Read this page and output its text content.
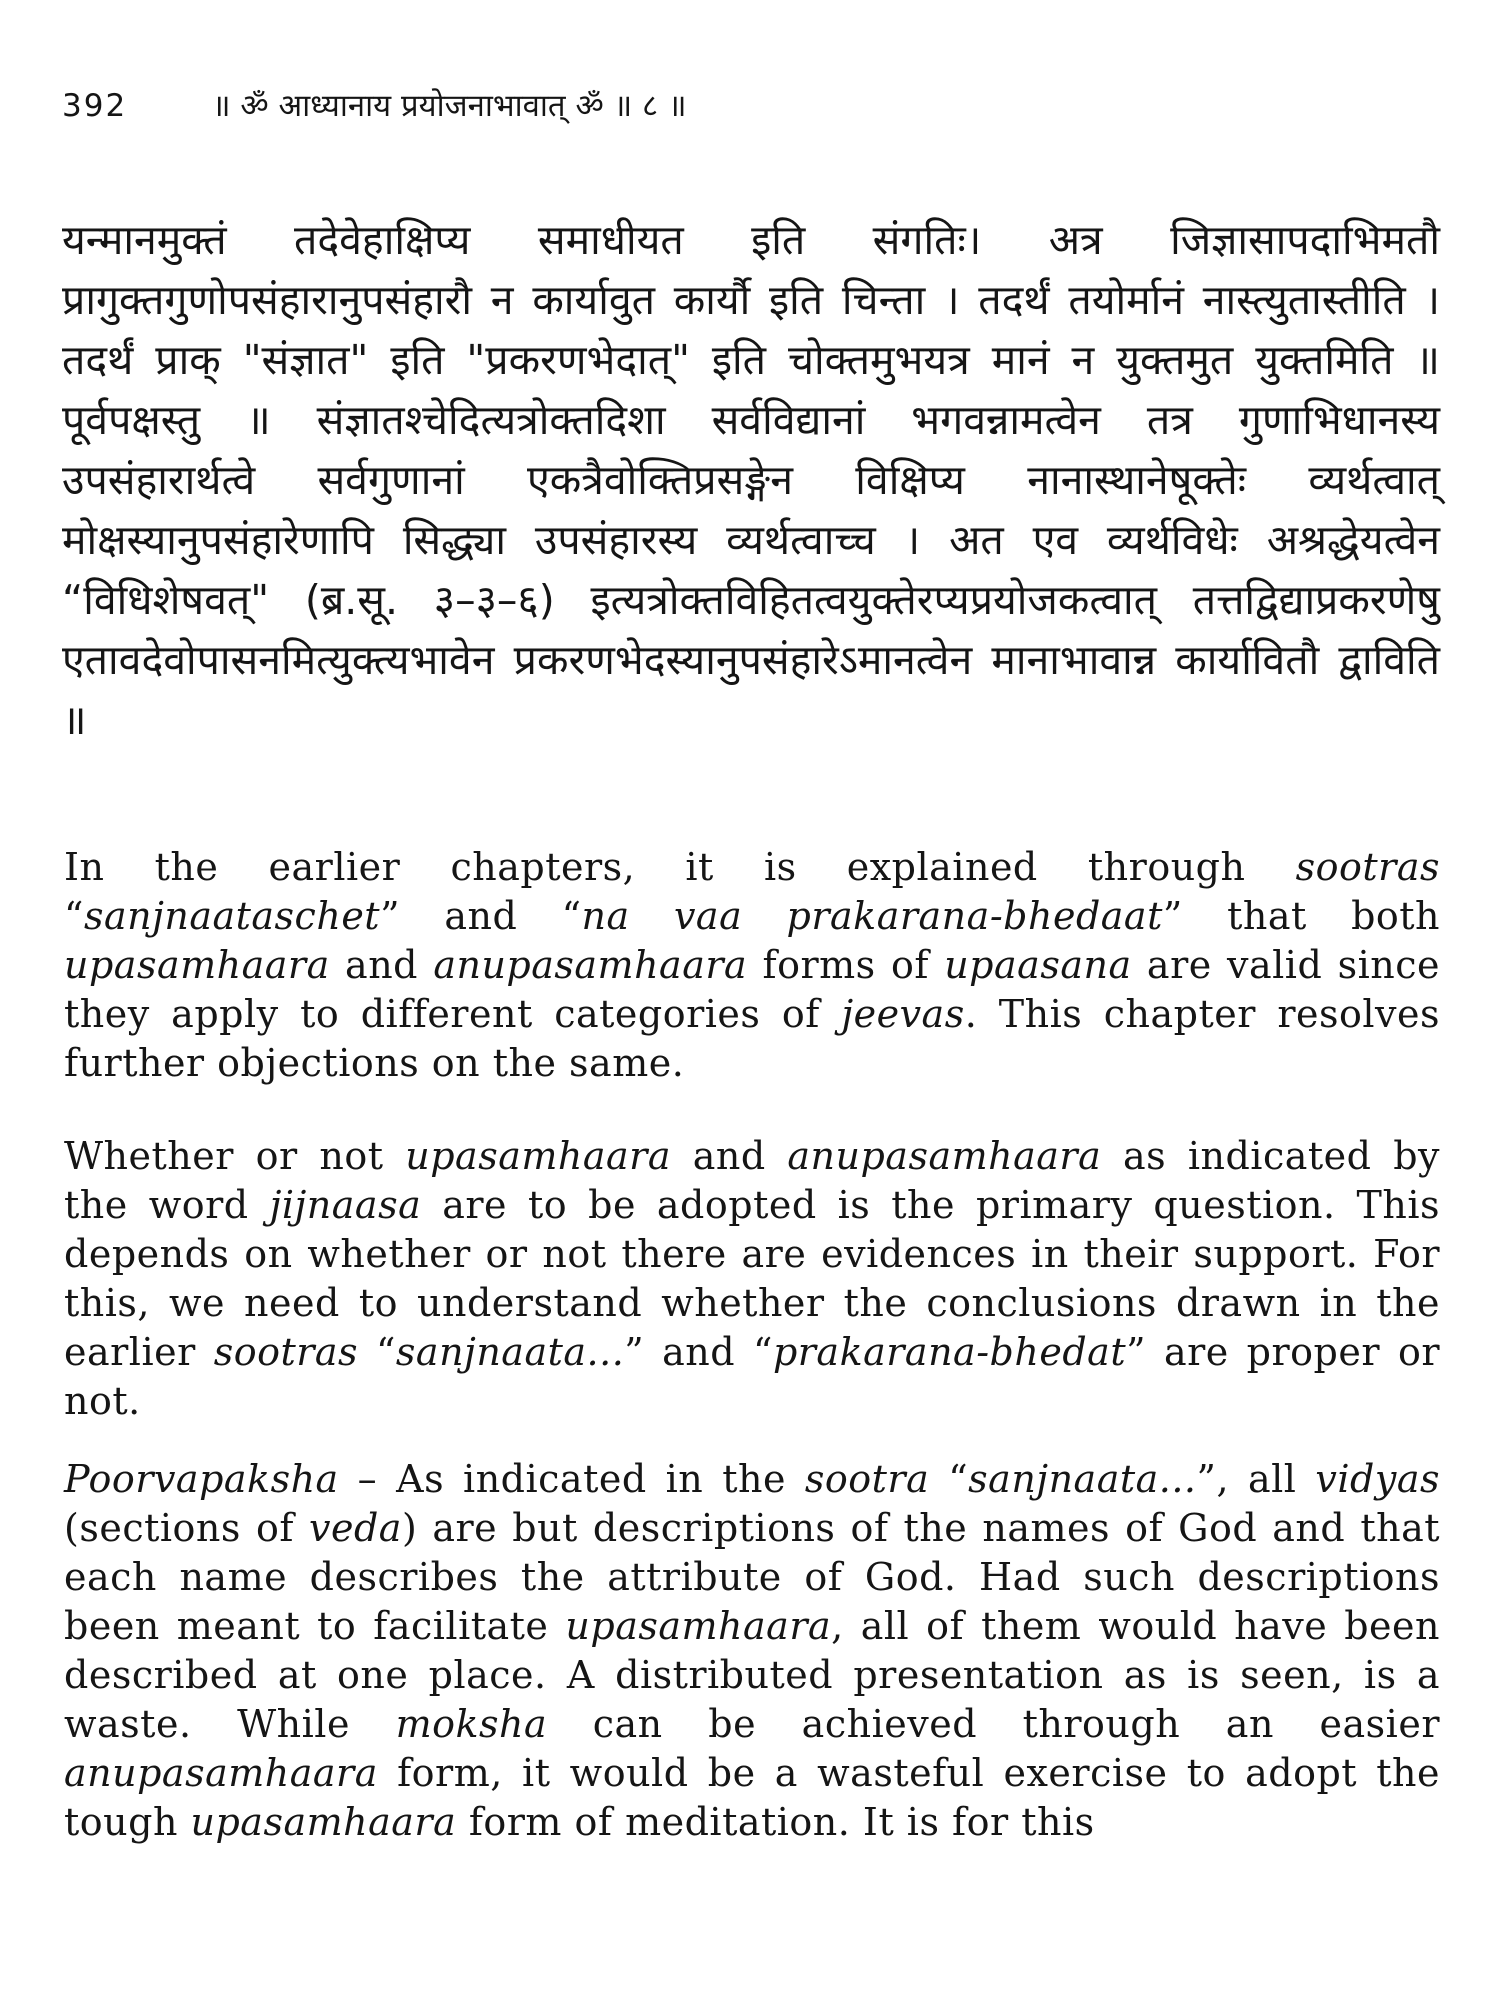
392	॥ ॐ आध्यानाय प्रयोजनाभावात् ॐ ॥ ८ ॥

यन्मानमुक्तं तदेवेहाक्षिप्य समाधीयत इति संगतिः। अत्र जिज्ञासापदाभिमतौ प्रागुक्तगुणोपसंहारानुपसंहारौ न कार्यावुत कार्यौ इति चिन्ता । तदर्थं तयोर्मानं नास्त्युतास्तीति । तदर्थं प्राक् "संज्ञात" इति "प्रकरणभेदात्" इति चोक्तमुभयत्र मानं न युक्तमुत युक्तमिति ॥ पूर्वपक्षस्तु ॥ संज्ञातश्चेदित्यत्रोक्तदिशा सर्वविद्यानां भगवन्नामत्वेन तत्र गुणाभिधानस्य उपसंहारार्थत्वे सर्वगुणानां एकत्रैवोक्तिप्रसङ्गेन विक्षिप्य नानास्थानेषूक्तेः व्यर्थत्वात् मोक्षस्यानुपसंहारेणापि सिद्ध्या उपसंहारस्य व्यर्थत्वाच्च । अत एव व्यर्थविधेः अश्रद्धेयत्वेन “विधिशेषवत्" (ब्र.सू. ३–३–६) इत्यत्रोक्तविहितत्वयुक्तेरप्यप्रयोजकत्वात् तत्तद्विद्याप्रकरणेषु एतावदेवोपासनमित्युक्त्यभावेन प्रकरणभेदस्यानुपसंहारेऽमानत्वेन मानाभावान्न कार्यावितौ द्वाविति ॥

In the earlier chapters, it is explained through sootras “sanjnaataschet” and “na vaa prakarana-bhedaat” that both upasamhaara and anupasamhaara forms of upaasana are valid since they apply to different categories of jeevas. This chapter resolves further objections on the same.

Whether or not upasamhaara and anupasamhaara as indicated by the word jijnaasa are to be adopted is the primary question. This depends on whether or not there are evidences in their support. For this, we need to understand whether the conclusions drawn in the earlier sootras “sanjnaata...” and “prakarana-bhedat” are proper or not.

Poorvapaksha – As indicated in the sootra “sanjnaata...”, all vidyas (sections of veda) are but descriptions of the names of God and that each name describes the attribute of God. Had such descriptions been meant to facilitate upasamhaara, all of them would have been described at one place. A distributed presentation as is seen, is a waste. While moksha can be achieved through an easier anupasamhaara form, it would be a wasteful exercise to adopt the tough upasamhaara form of meditation. It is for this
